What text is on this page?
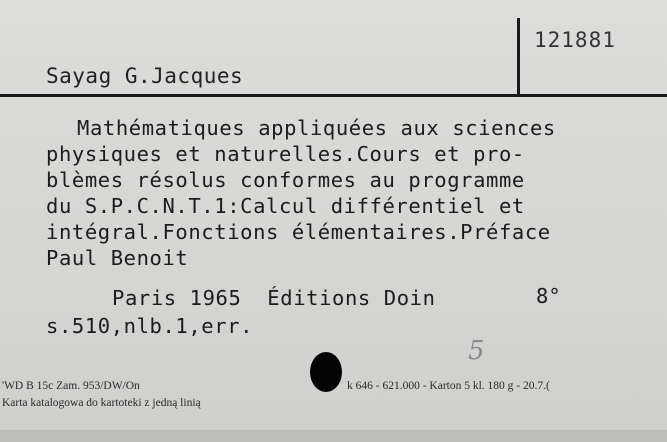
121881
Sayag G.Jacques
Mathématiques appliquées aux sciences
physiques et naturelles.Cours et pro-
blèmes résolus conformes au programme
du S.P.C.N.T.1:Calcul différentiel et
intégral.Fonctions élémentaires.Préface
Paul Benoit
Paris 1965  Éditions Doin	8°
s.510,nlb.1,err.
5
'WD B 15c Zam. 953/DW/On	k 646 - 621.000 - Karton 5 kl. 180 g - 20.7.(
Karta katalogowa do kartoteki z jedną linią
